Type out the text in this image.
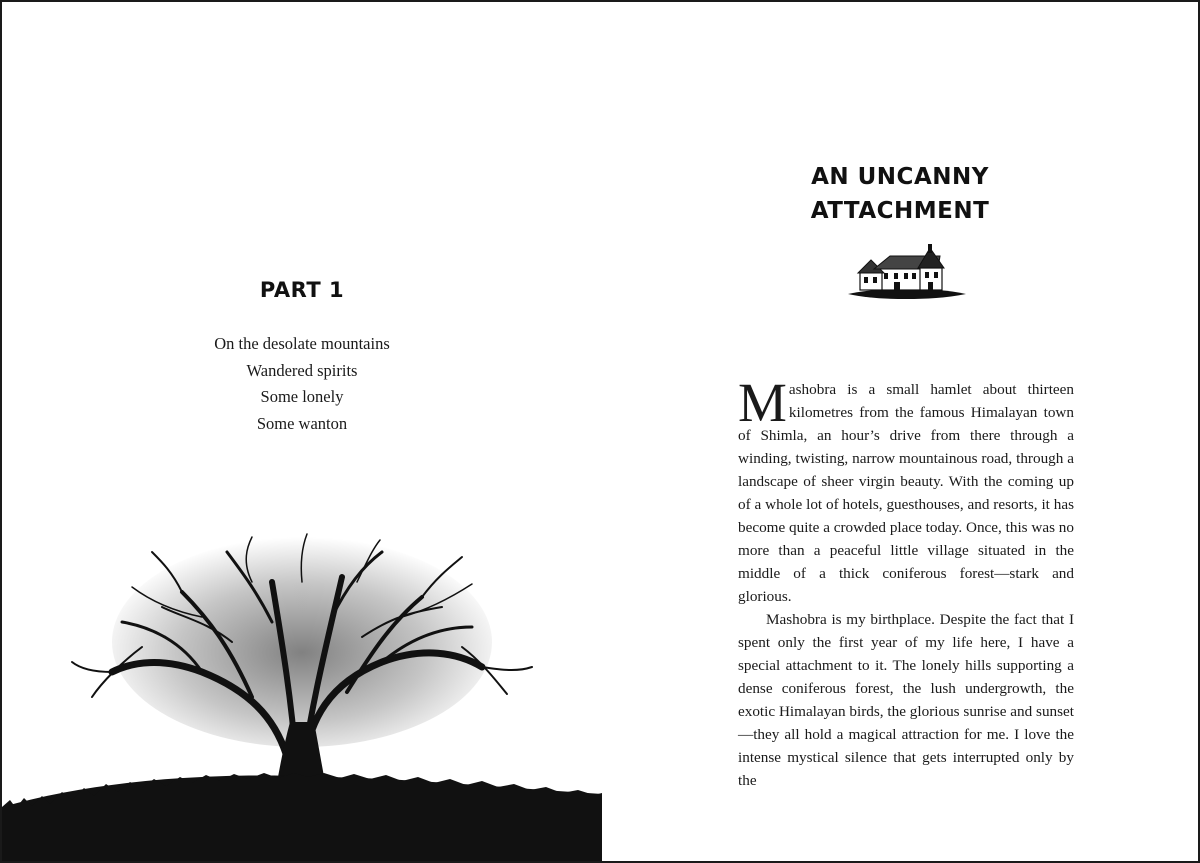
PART 1
On the desolate mountains
Wandered spirits
Some lonely
Some wanton
AN UNCANNY
ATTACHMENT

Mashobra is a small hamlet about thirteen kilometres from the famous Himalayan town of Shimla, an hour’s drive from there through a winding, twisting, narrow mountainous road, through a landscape of sheer virgin beauty. With the coming up of a whole lot of hotels, guesthouses, and resorts, it has become quite a crowded place today. Once, this was no more than a peaceful little village situated in the middle of a thick coniferous forest—stark and glorious.

Mashobra is my birthplace. Despite the fact that I spent only the first year of my life here, I have a special attachment to it. The lonely hills supporting a dense coniferous forest, the lush undergrowth, the exotic Himalayan birds, the glorious sunrise and sunset—they all hold a magical attraction for me. I love the intense mystical silence that gets interrupted only by the
